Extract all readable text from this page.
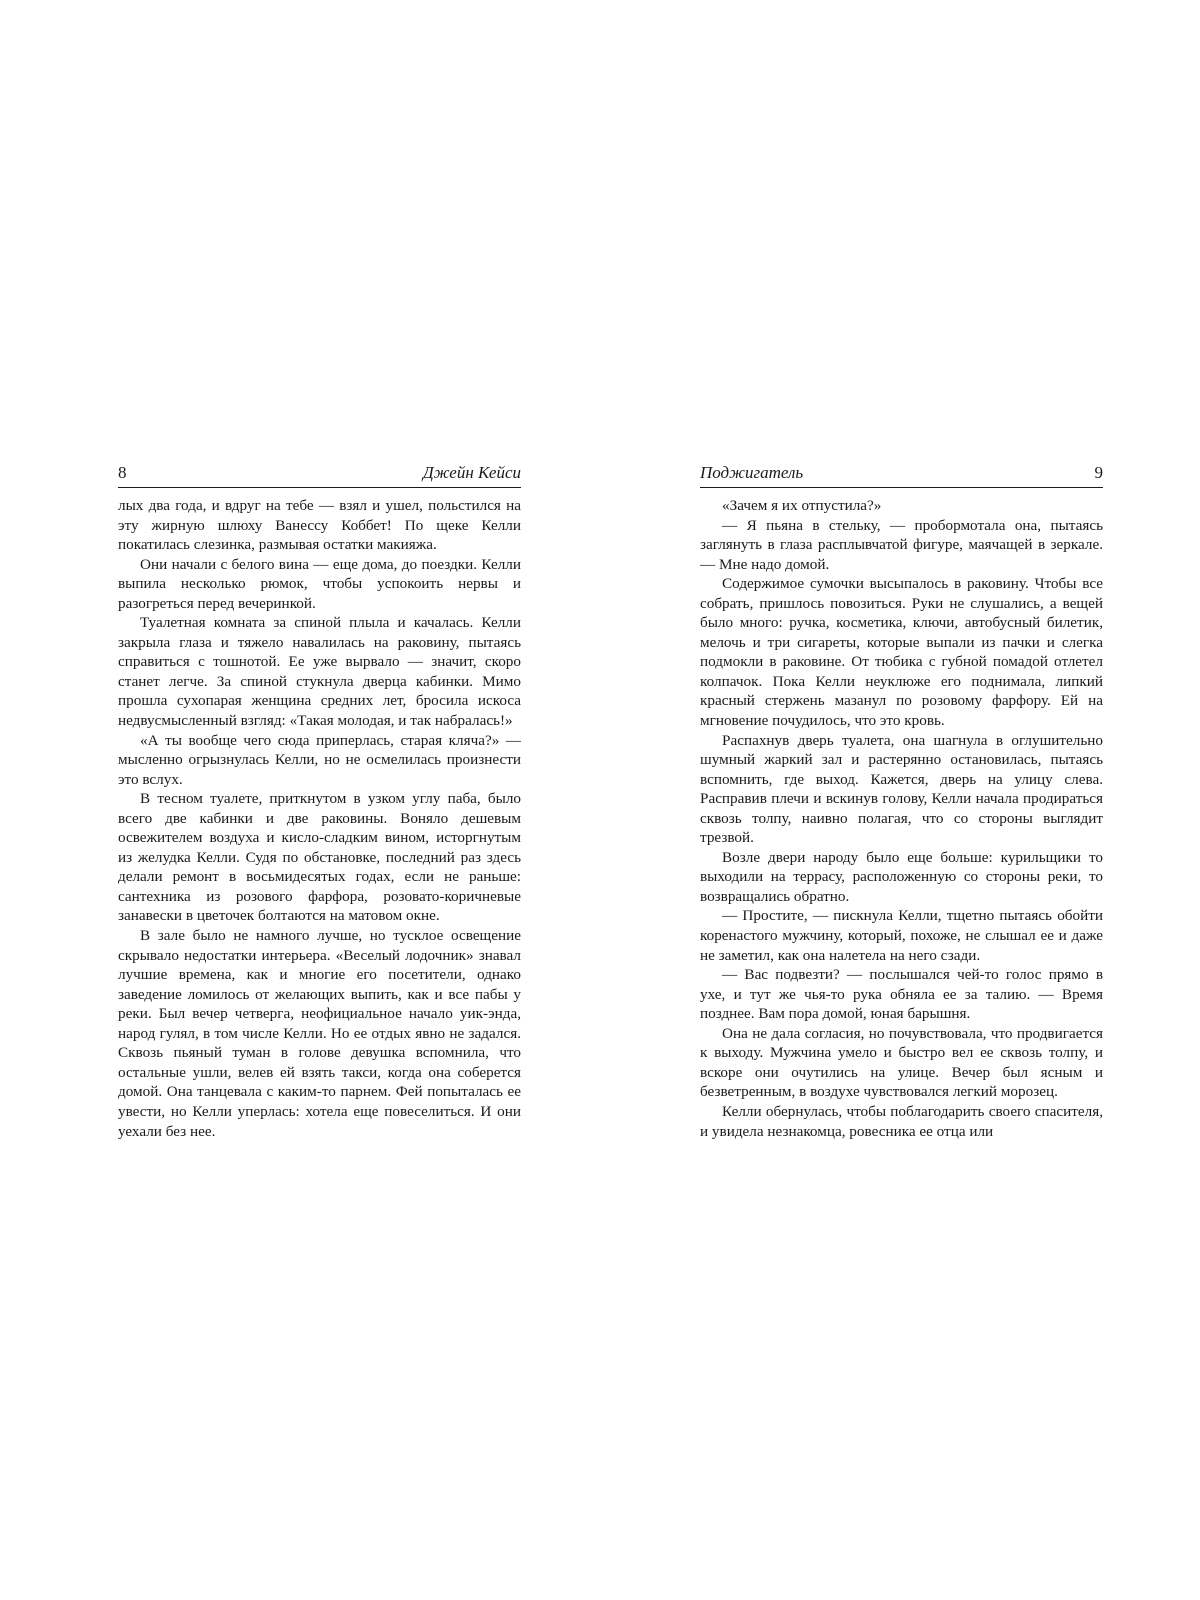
8	Джейн Кейси

лых два года, и вдруг на тебе — взял и ушел, польстился на эту жирную шлюху Ванессу Коббет! По щеке Келли покатилась слезинка, размывая остатки макияжа.

Они начали с белого вина — еще дома, до поездки. Келли выпила несколько рюмок, чтобы успокоить нервы и разогреться перед вечеринкой.

Туалетная комната за спиной плыла и качалась. Келли закрыла глаза и тяжело навалилась на раковину, пытаясь справиться с тошнотой. Ее уже вырвало — значит, скоро станет легче. За спиной стукнула дверца кабинки. Мимо прошла сухопарая женщина средних лет, бросила искоса недвусмысленный взгляд: «Такая молодая, и так набралась!»

«А ты вообще чего сюда приперлась, старая кляча?» — мысленно огрызнулась Келли, но не осмелилась произнести это вслух.

В тесном туалете, приткнутом в узком углу паба, было всего две кабинки и две раковины. Воняло дешевым освежителем воздуха и кисло-сладким вином, исторгнутым из желудка Келли. Судя по обстановке, последний раз здесь делали ремонт в восьмидесятых годах, если не раньше: сантехника из розового фарфора, розовато-коричневые занавески в цветочек болтаются на матовом окне.

В зале было не намного лучше, но тусклое освещение скрывало недостатки интерьера. «Веселый лодочник» знавал лучшие времена, как и многие его посетители, однако заведение ломилось от желающих выпить, как и все пабы у реки. Был вечер четверга, неофициальное начало уик-энда, народ гулял, в том числе Келли. Но ее отдых явно не задался. Сквозь пьяный туман в голове девушка вспомнила, что остальные ушли, велев ей взять такси, когда она соберется домой. Она танцевала с каким-то парнем. Фей попыталась ее увести, но Келли уперлась: хотела еще повеселиться. И они уехали без нее.

Поджигатель	9

«Зачем я их отпустила?»

— Я пьяна в стельку, — пробормотала она, пытаясь заглянуть в глаза расплывчатой фигуре, маячащей в зеркале. — Мне надо домой.

Содержимое сумочки высыпалось в раковину. Чтобы все собрать, пришлось повозиться. Руки не слушались, а вещей было много: ручка, косметика, ключи, автобусный билетик, мелочь и три сигареты, которые выпали из пачки и слегка подмокли в раковине. От тюбика с губной помадой отлетел колпачок. Пока Келли неуклюже его поднимала, липкий красный стержень мазанул по розовому фарфору. Ей на мгновение почудилось, что это кровь.

Распахнув дверь туалета, она шагнула в оглушительно шумный жаркий зал и растерянно остановилась, пытаясь вспомнить, где выход. Кажется, дверь на улицу слева. Расправив плечи и вскинув голову, Келли начала продираться сквозь толпу, наивно полагая, что со стороны выглядит трезвой.

Возле двери народу было еще больше: курильщики то выходили на террасу, расположенную со стороны реки, то возвращались обратно.

— Простите, — пискнула Келли, тщетно пытаясь обойти коренастого мужчину, который, похоже, не слышал ее и даже не заметил, как она налетела на него сзади.

— Вас подвезти? — послышался чей-то голос прямо в ухе, и тут же чья-то рука обняла ее за талию. — Время позднее. Вам пора домой, юная барышня.

Она не дала согласия, но почувствовала, что продвигается к выходу. Мужчина умело и быстро вел ее сквозь толпу, и вскоре они очутились на улице. Вечер был ясным и безветренным, в воздухе чувствовался легкий морозец.

Келли обернулась, чтобы поблагодарить своего спасителя, и увидела незнакомца, ровесника ее отца или
